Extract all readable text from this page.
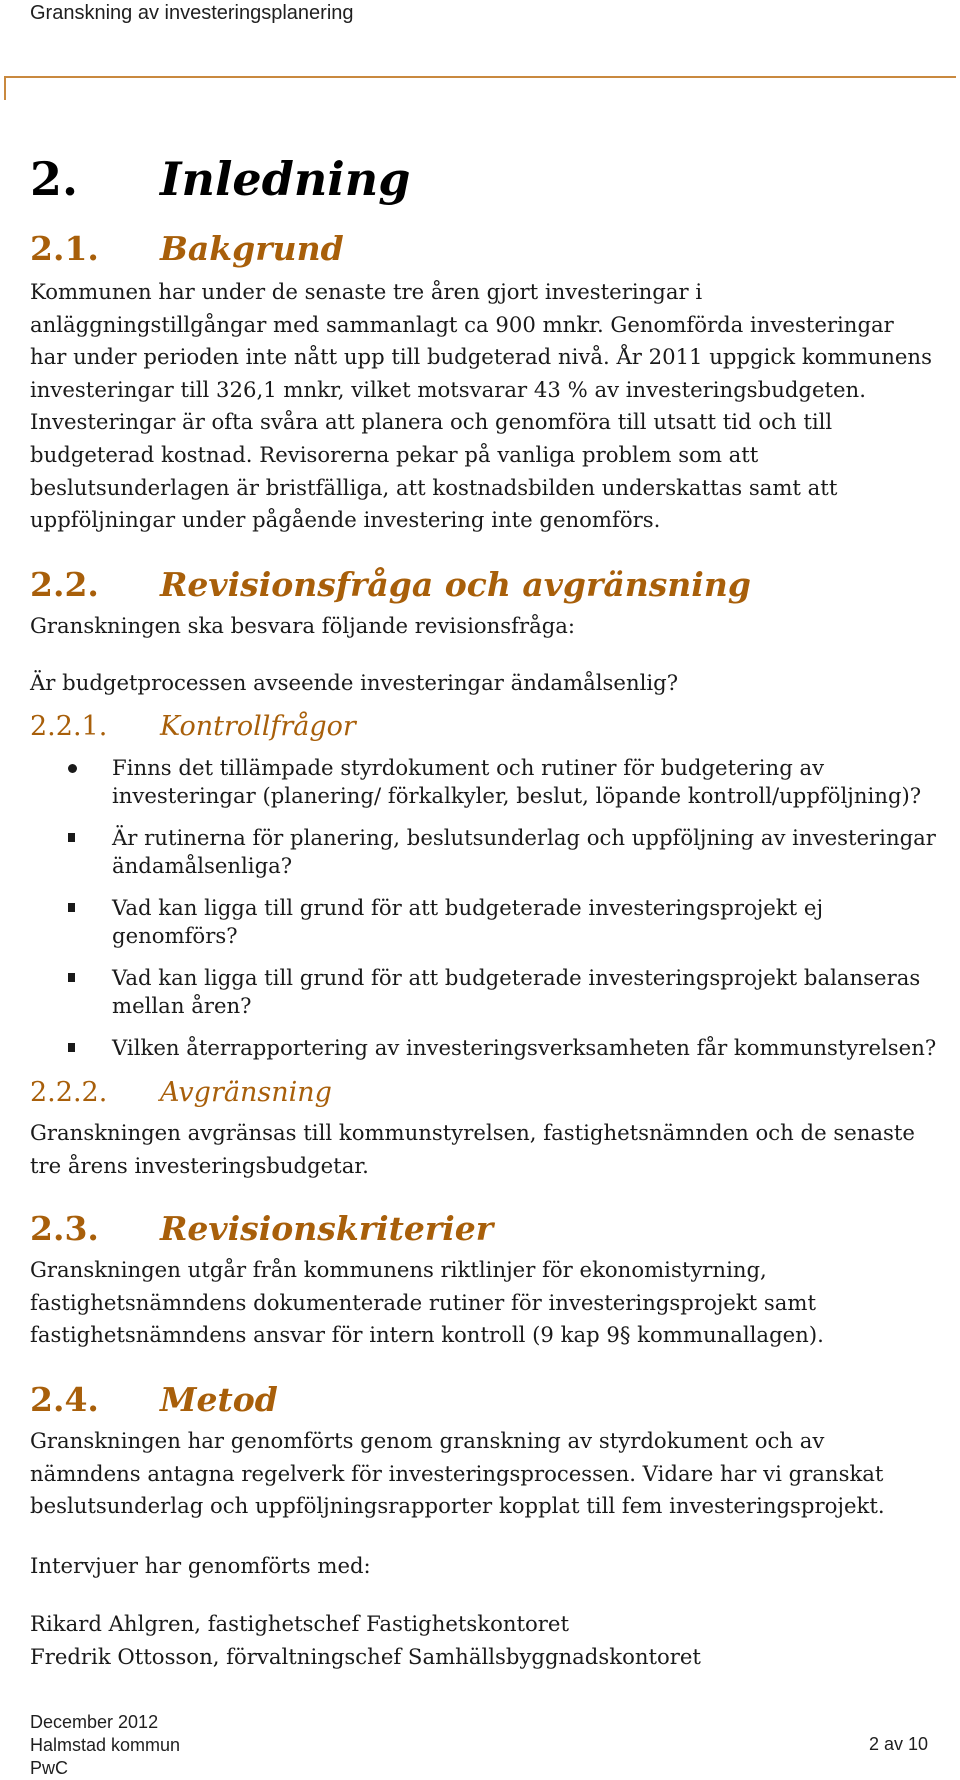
Granskning av investeringsplanering
2.	Inledning
2.1.	Bakgrund

Kommunen har under de senaste tre åren gjort investeringar i
anläggningstillgångar med sammanlagt ca 900 mnkr. Genomförda investeringar
har under perioden inte nått upp till budgeterad nivå. År 2011 uppgick kommunens
investeringar till 326,1 mnkr, vilket motsvarar 43 % av investeringsbudgeten.
Investeringar är ofta svåra att planera och genomföra till utsatt tid och till
budgeterad kostnad. Revisorerna pekar på vanliga problem som att
beslutsunderlagen är bristfälliga, att kostnadsbilden underskattas samt att
uppföljningar under pågående investering inte genomförs.

2.2.	Revisionsfråga och avgränsning

Granskningen ska besvara följande revisionsfråga:

Är budgetprocessen avseende investeringar ändamålsenlig?

2.2.1.	Kontrollfrågor
Finns det tillämpade styrdokument och rutiner för budgetering av
investeringar (planering/ förkalkyler, beslut, löpande kontroll/uppföljning)?
Är rutinerna för planering, beslutsunderlag och uppföljning av investeringar
ändamålsenliga?
Vad kan ligga till grund för att budgeterade investeringsprojekt ej
genomförs?
Vad kan ligga till grund för att budgeterade investeringsprojekt balanseras
mellan åren?
Vilken återrapportering av investeringsverksamheten får kommunstyrelsen?
2.2.2.	Avgränsning

Granskningen avgränsas till kommunstyrelsen, fastighetsnämnden och de senaste
tre årens investeringsbudgetar.

2.3.	Revisionskriterier

Granskningen utgår från kommunens riktlinjer för ekonomistyrning,
fastighetsnämndens dokumenterade rutiner för investeringsprojekt samt
fastighetsnämndens ansvar för intern kontroll (9 kap 9§ kommunallagen).

2.4.	Metod

Granskningen har genomförts genom granskning av styrdokument och av
nämndens antagna regelverk för investeringsprocessen. Vidare har vi granskat
beslutsunderlag och uppföljningsrapporter kopplat till fem investeringsprojekt.

Intervjuer har genomförts med:

Rikard Ahlgren, fastighetschef Fastighetskontoret
Fredrik Ottosson, förvaltningschef Samhällsbyggnadskontoret

December 2012
Halmstad kommun
PwC
2 av 10
